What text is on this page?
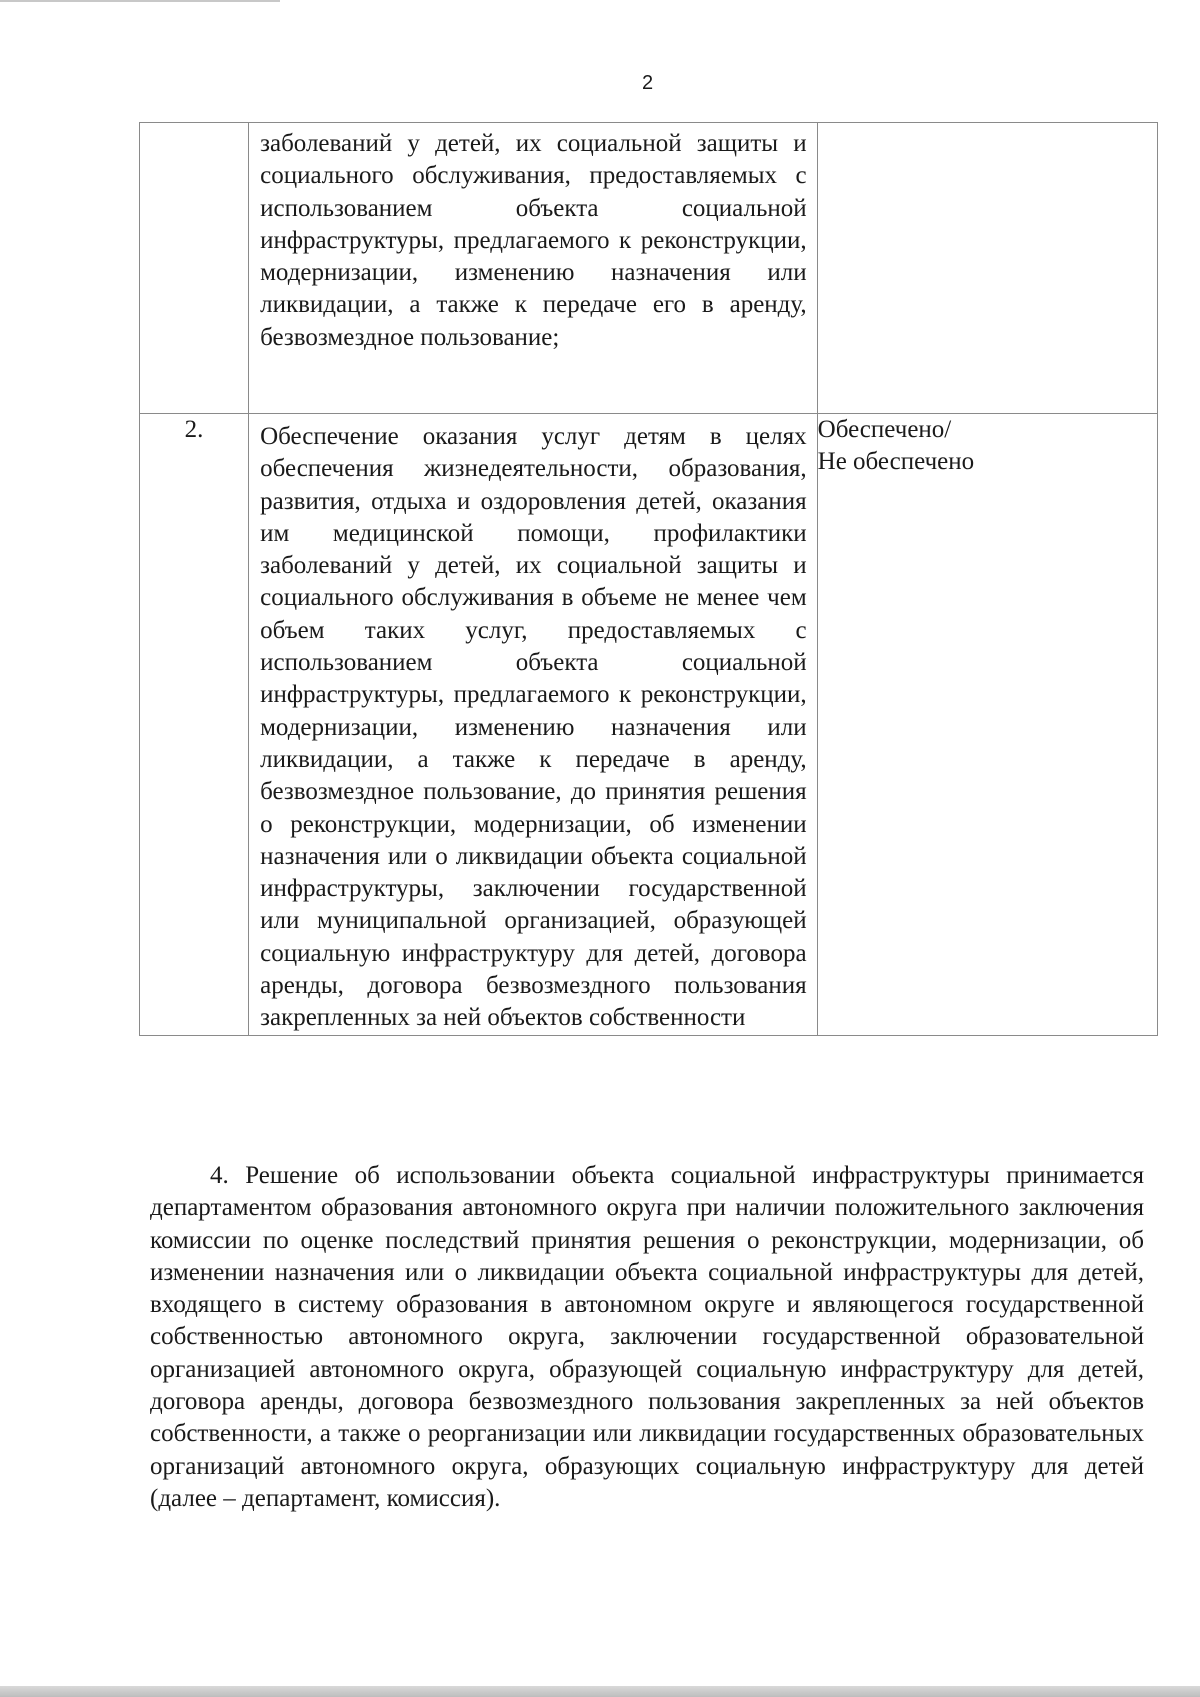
2

	заболеваний у детей, их социальной защиты и социального обслуживания, предоставляемых с использованием объекта социальной инфраструктуры, предлагаемого к реконструкции, модернизации, изменению назначения или ликвидации, а также к передаче его в аренду, безвозмездное пользование;	

2.	Обеспечение оказания услуг детям в целях обеспечения жизнедеятельности, образования, развития, отдыха и оздоровления детей, оказания им медицинской помощи, профилактики заболеваний у детей, их социальной защиты и социального обслуживания в объеме не менее чем объем таких услуг, предоставляемых с использованием объекта социальной инфраструктуры, предлагаемого к реконструкции, модернизации, изменению назначения или ликвидации, а также к передаче в аренду, безвозмездное пользование, до принятия решения о реконструкции, модернизации, об изменении назначения или о ликвидации объекта социальной инфраструктуры, заключении государственной или муниципальной организацией, образующей социальную инфраструктуру для детей, договора аренды, договора безвозмездного пользования закрепленных за ней объектов собственности	Обеспечено/
Не обеспечено

4. Решение об использовании объекта социальной инфраструктуры принимается департаментом образования автономного округа при наличии положительного заключения комиссии по оценке последствий принятия решения о реконструкции, модернизации, об изменении назначения или о ликвидации объекта социальной инфраструктуры для детей, входящего в систему образования в автономном округе и являющегося государственной собственностью автономного округа, заключении государственной образовательной организацией автономного округа, образующей социальную инфраструктуру для детей, договора аренды, договора безвозмездного пользования закрепленных за ней объектов собственности, а также о реорганизации или ликвидации государственных образовательных организаций автономного округа, образующих социальную инфраструктуру для детей (далее – департамент, комиссия).
